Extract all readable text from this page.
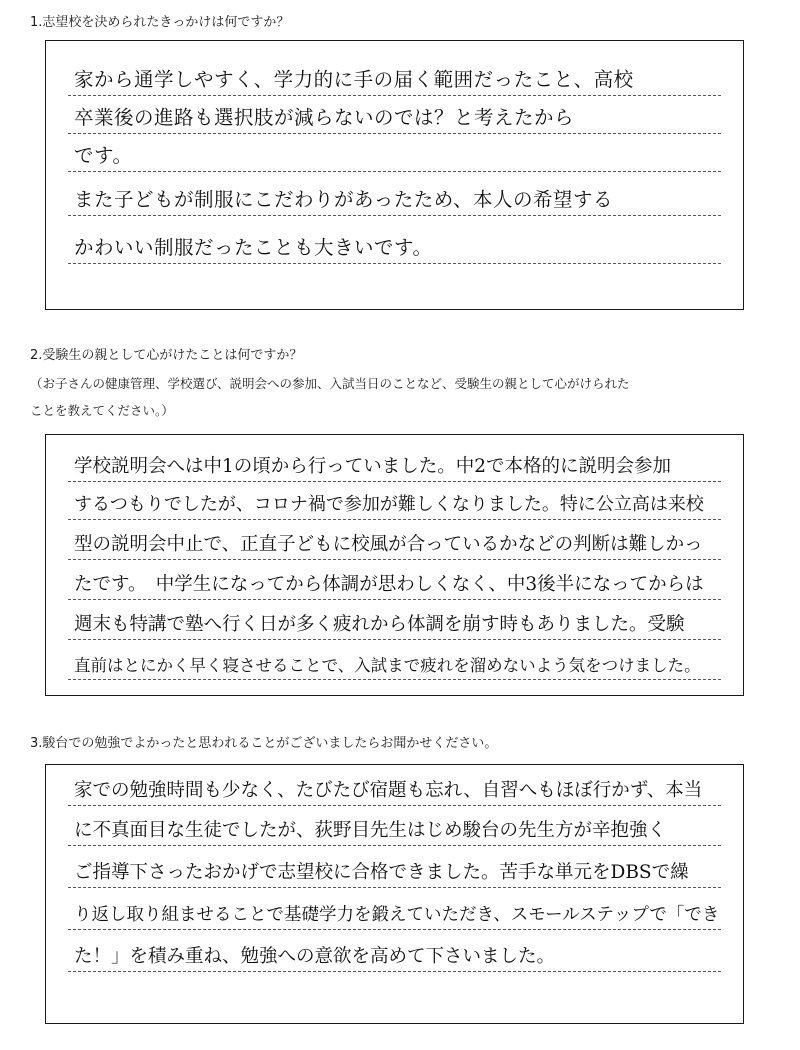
1.志望校を決められたきっかけは何ですか？
家から通学しやすく、学力的に手の届く範囲だったこと、高校
卒業後の進路も選択肢が減らないのでは？と考えたから
です。
また子どもが制服にこだわりがあったため、本人の希望する
かわいい制服だったことも大きいです。
2.受験生の親として心がけたことは何ですか？
（お子さんの健康管理、学校選び、説明会への参加、入試当日のことなど、受験生の親として心がけられた
ことを教えてください。）
学校説明会へは中1の頃から行っていました。中2で本格的に説明会参加
するつもりでしたが、コロナ禍で参加が難しくなりました。特に公立高は来校
型の説明会中止で、正直子どもに校風が合っているかなどの判断は難しかっ
たです。　中学生になってから体調が思わしくなく、中3後半になってからは
週末も特講で塾へ行く日が多く疲れから体調を崩す時もありました。受験
直前はとにかく早く寝させることで、入試まで疲れを溜めないよう気をつけました。
3.駿台での勉強でよかったと思われることがございましたらお聞かせください。
家での勉強時間も少なく、たびたび宿題も忘れ、自習へもほぼ行かず、本当
に不真面目な生徒でしたが、荻野目先生はじめ駿台の先生方が辛抱強く
ご指導下さったおかげで志望校に合格できました。苦手な単元をDBSで繰
り返し取り組ませることで基礎学力を鍛えていただき、スモールステップで「でき
た！」を積み重ね、勉強への意欲を高めて下さいました。
